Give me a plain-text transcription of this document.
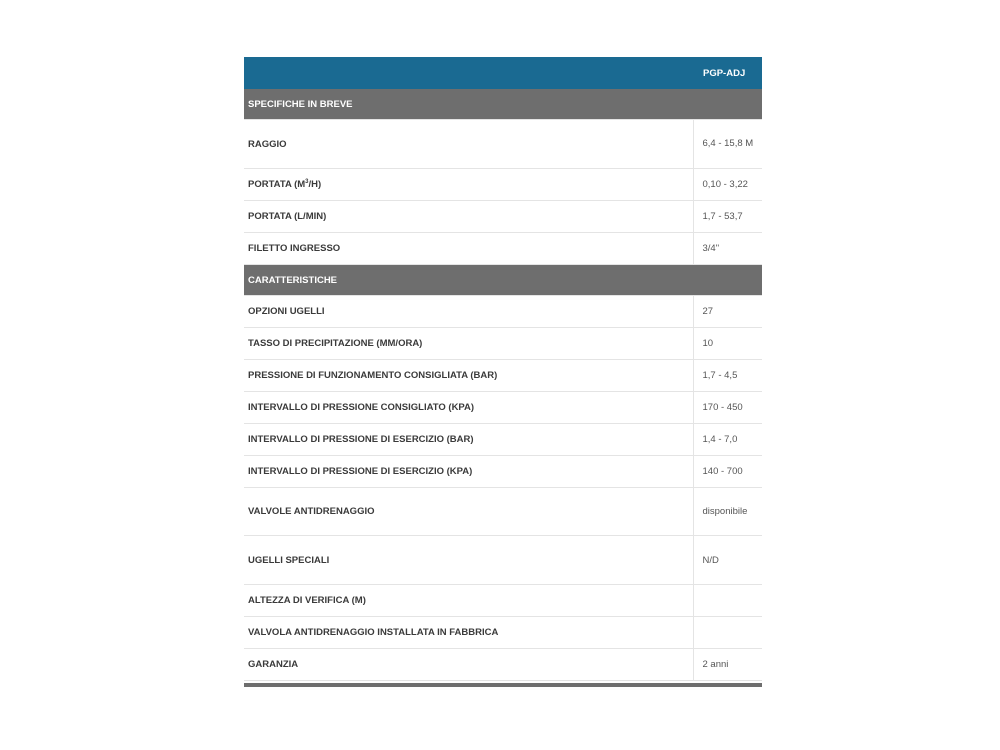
	PGP-ADJ
SPECIFICHE IN BREVE	
RAGGIO	6,4 - 15,8 M
PORTATA $(M^3/H)$	0,10 - 3,22
PORTATA (L/MIN)	1,7 - 53,7
FILETTO INGRESSO	3/4"
CARATTERISTICHE	
OPZIONI UGELLI	27
TASSO DI PRECIPITAZIONE (MM/ORA)	10
PRESSIONE DI FUNZIONAMENTO CONSIGLIATA (BAR)	1,7 - 4,5
INTERVALLO DI PRESSIONE CONSIGLIATO (KPA)	170 - 450
INTERVALLO DI PRESSIONE DI ESERCIZIO (BAR)	1,4 - 7,0
INTERVALLO DI PRESSIONE DI ESERCIZIO (KPA)	140 - 700
VALVOLE ANTIDRENAGGIO	disponibile
UGELLI SPECIALI	N/D
ALTEZZA DI VERIFICA (M)	
VALVOLA ANTIDRENAGGIO INSTALLATA IN FABBRICA	
GARANZIA	2 anni
